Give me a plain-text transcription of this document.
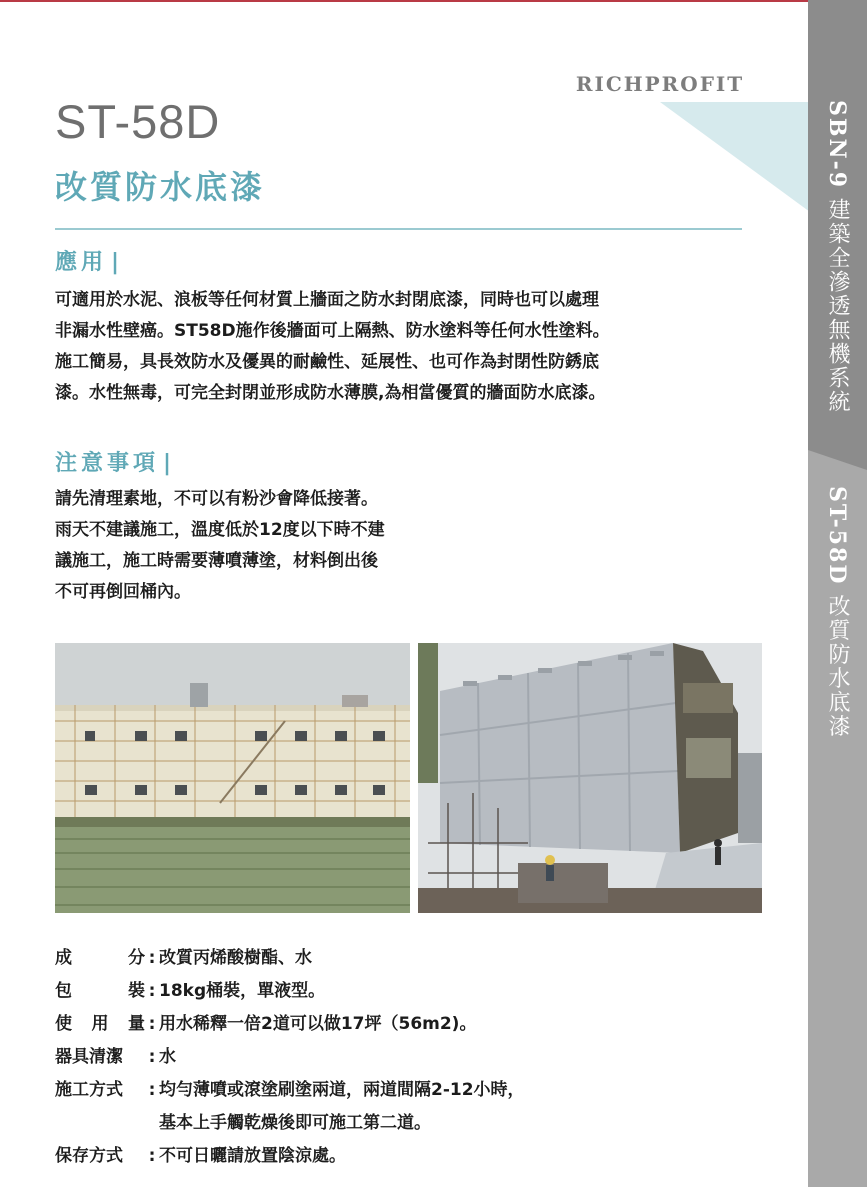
RICHPROFIT
ST-58D
改質防水底漆
應用 |
可適用於水泥、浪板等任何材質上牆面之防水封閉底漆，同時也可以處理
非漏水性壁癌。ST58D施作後牆面可上隔熱、防水塗料等任何水性塗料。
施工簡易，具長效防水及優異的耐鹼性、延展性、也可作為封閉性防銹底
漆。水性無毒，可完全封閉並形成防水薄膜,為相當優質的牆面防水底漆。
注意事項 |
請先清理素地，不可以有粉沙會降低接著。
雨天不建議施工，溫度低於12度以下時不建
議施工，施工時需要薄噴薄塗，材料倒出後
不可再倒回桶內。
成	分 : 改質丙烯酸樹酯、水
包	裝 : 18kg桶裝，單液型。
使 用 量 : 用水稀釋一倍2道可以做17坪（56m2)。
器具清潔 : 水
施工方式 : 均勻薄噴或滾塗刷塗兩道，兩道間隔2-12小時，
基本上手觸乾燥後即可施工第二道。
保存方式 : 不可日曬請放置陰涼處。
SBN-9 建築全滲透無機系統
ST-58D 改質防水底漆
